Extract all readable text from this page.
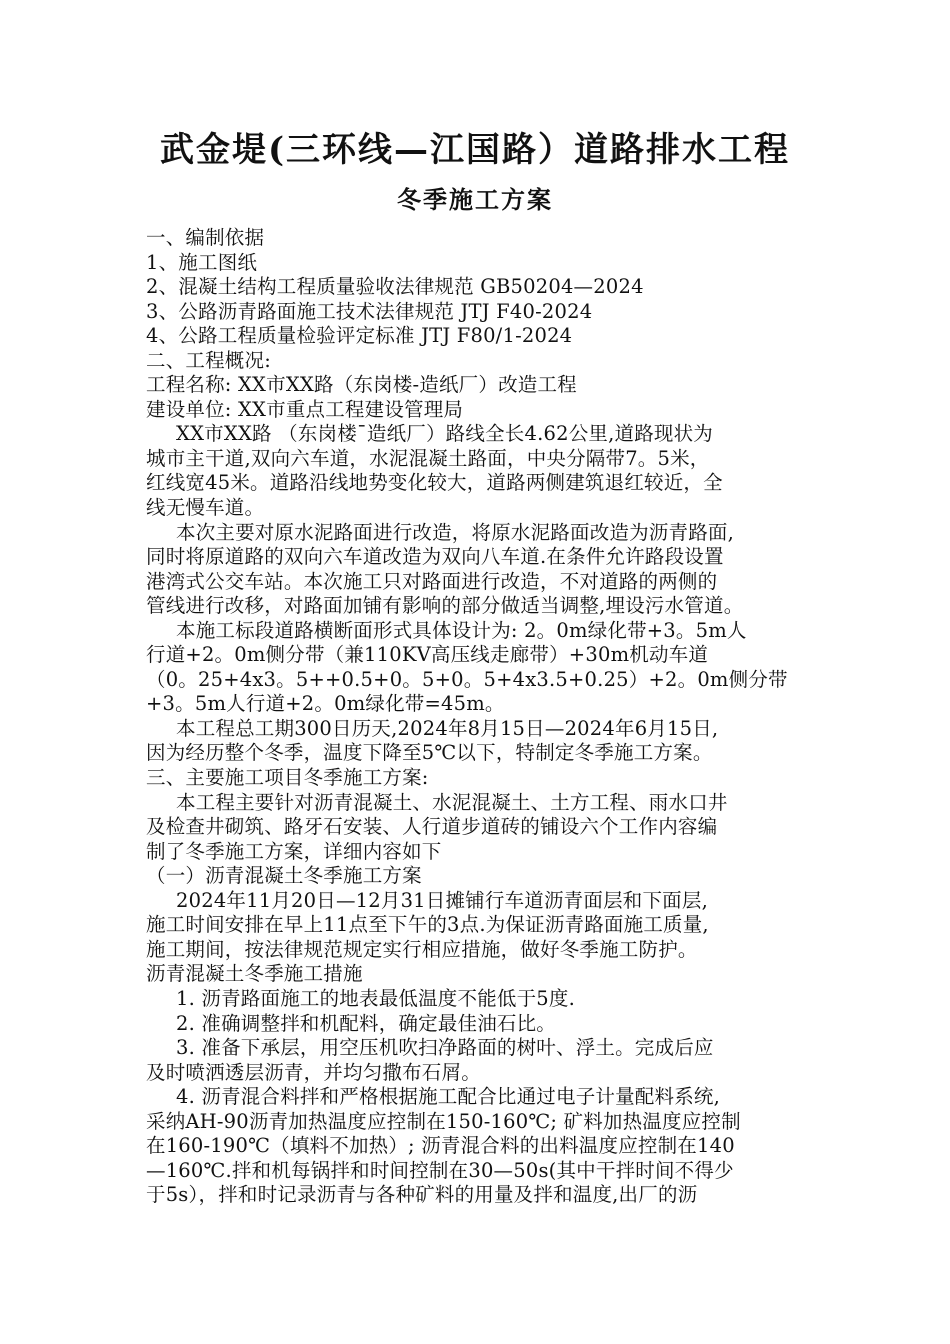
武金堤(三环线—江国路）道路排水工程
冬季施工方案
一、编制依据
1、施工图纸
2、混凝土结构工程质量验收法律规范 GB50204—2024
3、公路沥青路面施工技术法律规范 JTJ F40-2024
4、公路工程质量检验评定标准 JTJ F80/1-2024
二、工程概况:
工程名称: XX市XX路（东岗楼-造纸厂）改造工程
建设单位: XX市重点工程建设管理局
XX市XX路 （东岗楼¯造纸厂）路线全长4.62公里,道路现状为
城市主干道,双向六车道，水泥混凝土路面，中央分隔带7。5米，
红线宽45米。道路沿线地势变化较大，道路两侧建筑退红较近，全
线无慢车道。
本次主要对原水泥路面进行改造，将原水泥路面改造为沥青路面,
同时将原道路的双向六车道改造为双向八车道.在条件允许路段设置
港湾式公交车站。本次施工只对路面进行改造，不对道路的两侧的
管线进行改移，对路面加铺有影响的部分做适当调整,埋设污水管道。
本施工标段道路横断面形式具体设计为: 2。0m绿化带+3。5m人
行道+2。0m侧分带（兼110KV高压线走廊带）+30m机动车道
（0。25+4x3。5++0.5+0。5+0。5+4x3.5+0.25）+2。0m侧分带
+3。5m人行道+2。0m绿化带=45m。
本工程总工期300日历天,2024年8月15日—2024年6月15日,
因为经历整个冬季，温度下降至5℃以下，特制定冬季施工方案。
三、主要施工项目冬季施工方案:
本工程主要针对沥青混凝土、水泥混凝土、土方工程、雨水口井
及检查井砌筑、路牙石安装、人行道步道砖的铺设六个工作内容编
制了冬季施工方案，详细内容如下
（一）沥青混凝土冬季施工方案
2024年11月20日—12月31日摊铺行车道沥青面层和下面层,
施工时间安排在早上11点至下午的3点.为保证沥青路面施工质量,
施工期间，按法律规范规定实行相应措施，做好冬季施工防护。
沥青混凝土冬季施工措施
1. 沥青路面施工的地表最低温度不能低于5度.
2. 准确调整拌和机配料，确定最佳油石比。
3. 准备下承层，用空压机吹扫净路面的树叶、浮土。完成后应
及时喷洒透层沥青，并均匀撒布石屑。
4. 沥青混合料拌和严格根据施工配合比通过电子计量配料系统,
采纳AH-90沥青加热温度应控制在150-160℃; 矿料加热温度应控制
在160-190℃（填料不加热）; 沥青混合料的出料温度应控制在140
—160℃.拌和机每锅拌和时间控制在30—50s(其中干拌时间不得少
于5s），拌和时记录沥青与各种矿料的用量及拌和温度,出厂的沥
